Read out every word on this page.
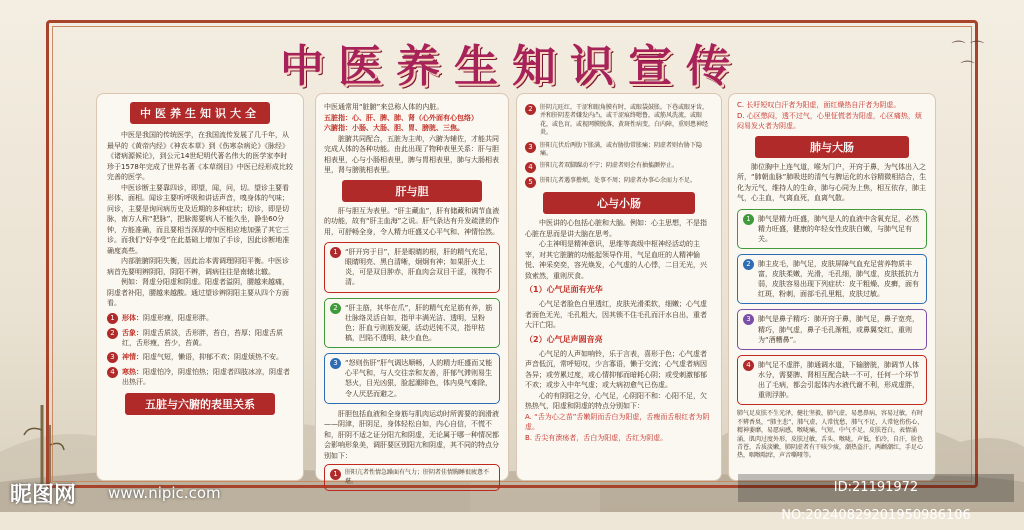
⌒ ⌒
⌒
中医养生知识宣传
中医养生知识大全

中医是我国的传统医学，在我国流传发展了几千年，从最早的《黄帝内经》《神农本草》到《伤寒杂病论》《脉经》《诸病源候论》，到公元14世纪明代著名伟大的医学家李时珍于1578年完成了世界名著《本草纲目》中医已经形成比较完善的医学。

中医诊断主要靠四诊，即望，闻，问，切。望诊主要看形体、面相。闻诊主要听呼吸和讲话声音，嗅身体的气味；问诊，主要是询问病历史及近期的多种症状；切诊，即是切脉，南方人称“把脉”，把脉需要病人不能久坐，静坐60分钟，方能准确，而且要相当深厚的中医相应地加强了其它三诊。而我们“好李受”在此基础上增加了手诊，因此诊断地准确度高些。

内部脏腑阴阳失衡，因此治本需调理阴阳平衡。中医诊病首先要明辨阴阳，阴阳不辨，调病往往是南辕北辙。

例如：肾虚分阳虚和阴虚。阳虚者溢阴，腰越来越痛，阴虚者补阳，腰越来越酸。通过望诊辨阴阳主要从四个方面看。

1	形体：阴虚形瘦，阳虚形胖。
2	舌象：阴虚舌质淡，舌形胖，苔白，苔厚；阳虚舌质红，舌形瘦，苔少，苔黄。
3	神情：阳虚气短，懒语，抑郁不欢；阴虚烦热不安。
4	寒热：阳虚怕冷，阴虚怕热；阳虚者四肢冰凉，阴虚者出热汗。
五脏与六腑的表里关系

中医通常用“脏腑”来总称人体的内脏。

五脏指：心、肝、脾、肺、肾（心外面有心包络）

六腑指：小肠、大肠、胆、胃、膀胱、三焦。

脏腑共同配合，五脏为主帅，六腑为辅佐，才能共同完成人体的各种功能。由此出现了物种表里关系：肝与胆相表里，心与小肠相表里，脾与胃相表里，肺与大肠相表里，肾与膀胱相表里。

肝与胆

肝与胆互为表里。“肝主藏血”，肝有储藏和调节血液的功能，故有“肝主血海”之说。肝气条达有升发疏泄的作用，可舒畅全身，令人精力旺盛又心平气和、神情怡然。

1	“肝开窍于目”，肝是眼睛的根，肝的精气充足，眼睛明亮、黑白清晰，炯炯有神；如果肝火上炎，可是双目肿赤，肝血肉会双目干涩，视物不清。
2	“肝主筋，其华在爪”，肝的精气充足筋有养，筋壮脉络灵活自如，指甲丰满光洁、透明，呈粉色；肝血亏则筋发硬，活动迟钝不灵，指甲枯槁，凹陷不透明，缺少血色。
3	“怒则伤肝”肝气调达顺畅，人的精力旺盛而又能心平气和，与人交往亲和友善，肝郁气滞则易生怒火，目光凶狠，脸起潮绯色，体内臭气难除，令人厌恶而避之。

肝胆包括血液和全身筋与肌肉运动时所需要的润滑液——阴津，肝阴足，身体轻松自如，内心自信，不慌不和，肝阴不适之证分阳亢和阴虚，无论属于哪一种情况都会影响形象美，调肝要区别阳亢和阴虚，其不同的特点分别如下：

1	肝阳亢者性情急躁面有气力；肝阴者佳情胸睡很疲惫不堪。
2	肝阴亢旺红，干涩和眼角膜有时，或眼袋鼓胀。下巷或眼牙齿，并和肝阴差者嫌发内凸，或干涩痕终嗯鲁，或筋风洗流，或眼花，或色肓，或视网膜脱落，黄斑性病变，白内障，重则患神经炎。
3	肝阳亢伏后两肋下胀满，或右胁肋常胀痛；阴虚者则右胁下隐痛。
4	肝阳亢者双脚踝动不宁；阴虚者则会有抽搐颤停止。
5	肝阳亢者遇事撸烦，处事不周；阴虚者办事心余而力不足。
心与小肠

中医讲的心包括心脏和大脑。例如：心主思想，不是指心脏在思而是讲大脑在思考。

心主神明是精神意识，思维等高级中枢神经活动的主宰，对其它脏腑的功能起领导作用，气足血旺的人精神愉悦、神采奕奕，容光焕发，心气虚的人心悸，二目无光，兴致索然，重则厌食。

（1）心气足面有光华

心气足者脸色白里透红，皮肤光滑柔软，细嫩；心气虚者面色无光，毛孔粗大，因其锁不住毛孔而汗水自出，重者大汗亡阳。

（2）心气足声圆音亮

心气足的人声如响铃，乐于言表，喜形于色；心气虚者声音低沉，常呼短叹，少言寡语，懒于交流；心气虚者病因各异；或劳累过度，或心情抑郁而暗耗心阴；或受刺激郁郁不欢；或步入中年气虚；或大病初愈气已伤虚。

心的有阴阳之分，心气足，心阴阳不和：心阳不足，欠热热气，阳虚和阴虚的特点分别如下：

A. “舌为心之苗”舌嫩阴而舌白为阳虚，舌瘦而舌根红者为阴虚。

B. 舌尖有溃疡者，舌白为阳虚，舌红为阴虚。

C. 长吁短叹白汗者为阳虚，面红燥热自汗者为阴虚。

D. 心区憋闷，透不过气，心里怔慌者为阳虚，心区痛热，烦闷易发火者为阴虚。

肺与大肠

肺位胸中上连气道，喉为门户，开窍于鼻，为气体出入之所，“肺朝血脉”肺吸进的清气与脾运化的水谷精微相结合，生化为元气，维持人的生命，肺与心同为上焦，相互依存，肺主气，心主血，气离血死，血离气散。

1	肺气是精力旺盛，肺气是人的血液中含氧充足，必然精力旺盛，健康的年轻女性皮肤白嫩，与肺气足有关。
2	肺主皮毛，肺气足，皮肤屏障气血充足营养物质丰富，皮肤柔嫩，光滑，毛孔细，肺气虚，皮肤抵抗力弱，皮肤容易出现下列症状：皮干粗燥、皮癣，面有红斑，粉刺，面部毛孔里粗，皮肤过敏。
3	肺气是鼻子精巧：肺开窍于鼻，肺气足，鼻子宽亮，精巧，肺气虚，鼻子毛孔渐粗，或鼻翼变红，重则为“酒糟鼻”。
4	肺气足不虚胖，肺通调水道，下输膀胱，肺调节人体水分，需要脾、肾相互配合缺一不可，任何一个环节出了毛病，都会引起体内水液代谢不利，形成虚胖，重则浮肿。

肺气足皮肤不生光泽，健壮坚毅，肺气虚，易患鼻病，容易过敏，有时不辨香臭，“肺主悲”，肺气虚，人常忧愁，肺气不足，人常怆伤伤心，精神萎靡，易愿病感，喉咙痛，气短，中气不足，皮肤苍白，表情涌涌，肌肉过度外形，皮肤过敏，舌头、喉咙，声低，怕冷，自汗，脸色青苍，舌质淡嫩，肺阴虚者有干咳少痰，潮热盗汗，两颧潮红，手足心热，咽喉喘痒，声音嘶哑等。

昵图网 www.nipic.com	ID:21191972 NO:20240829201950986106
